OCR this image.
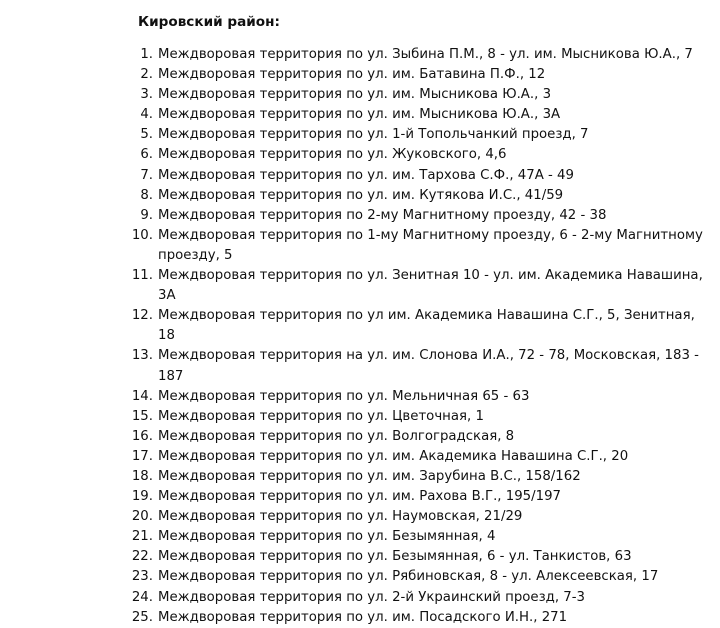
Кировский район:
1. Междворовая территория по ул. Зыбина П.М., 8 - ул. им. Мысникова Ю.А., 7
2. Междворовая территория по ул. им. Батавина П.Ф., 12
3. Междворовая территория по ул. им. Мысникова Ю.А., 3
4. Междворовая территория по ул. им. Мысникова Ю.А., 3А
5. Междворовая территория по ул. 1-й Топольчанкий проезд, 7
6. Междворовая территория по ул. Жуковского, 4,6
7. Междворовая территория по ул. им. Тархова С.Ф., 47А - 49
8. Междворовая территория по ул. им. Кутякова И.С., 41/59
9. Междворовая территория по 2-му Магнитному проезду, 42 - 38
10. Междворовая территория по 1-му Магнитному проезду, 6 - 2-му Магнитному проезду, 5
11. Междворовая территория по ул. Зенитная 10 - ул. им. Академика Навашина, 3А
12. Междворовая территория по ул им. Академика Навашина С.Г., 5, Зенитная, 18
13. Междворовая территория на ул. им. Слонова И.А., 72 - 78, Московская, 183 - 187
14. Междворовая территория по ул. Мельничная 65 - 63
15. Междворовая территория по ул. Цветочная, 1
16. Междворовая территория по ул. Волгоградская, 8
17. Междворовая территория по ул. им. Академика Навашина С.Г., 20
18. Междворовая территория по ул. им. Зарубина В.С., 158/162
19. Междворовая территория по ул. им. Рахова В.Г., 195/197
20. Междворовая территория по ул. Наумовская, 21/29
21. Междворовая территория по ул. Безымянная, 4
22. Междворовая территория по ул. Безымянная, 6 - ул. Танкистов, 63
23. Междворовая территория по ул. Рябиновская, 8 - ул. Алексеевская, 17
24. Междворовая территория по ул. 2-й Украинский проезд, 7-3
25. Междворовая территория по ул. им. Посадского И.Н., 271
